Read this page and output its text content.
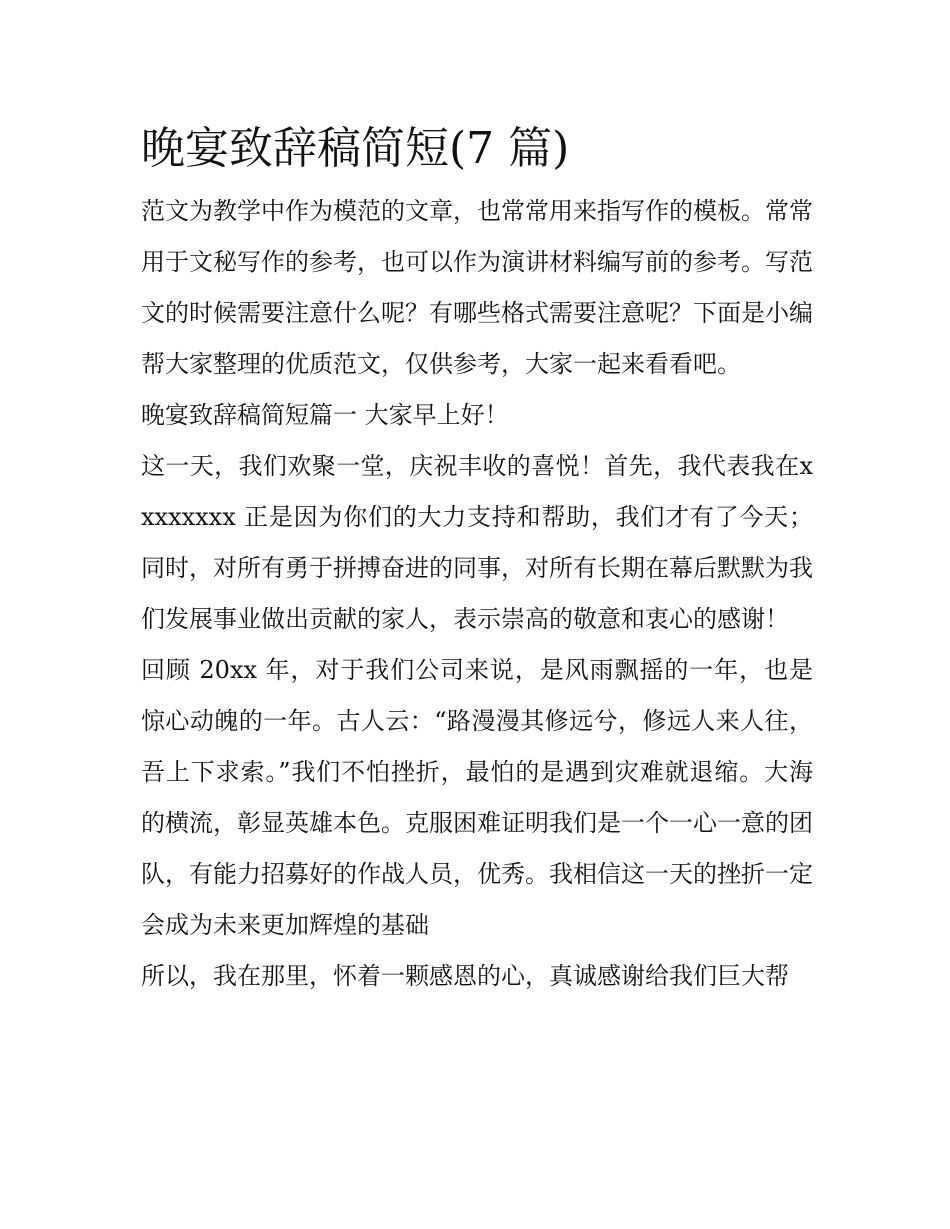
晚宴致辞稿简短(7 篇)

范文为教学中作为模范的文章，也常常用来指写作的模板。常常用于文秘写作的参考，也可以作为演讲材料编写前的参考。写范文的时候需要注意什么呢？有哪些格式需要注意呢？下面是小编帮大家整理的优质范文，仅供参考，大家一起来看看吧。

晚宴致辞稿简短篇一 大家早上好！

这一天，我们欢聚一堂，庆祝丰收的喜悦！首先，我代表我在xxxxxxxx 正是因为你们的大力支持和帮助，我们才有了今天；同时，对所有勇于拼搏奋进的同事，对所有长期在幕后默默为我们发展事业做出贡献的家人，表示崇高的敬意和衷心的感谢！

回顾 20xx 年，对于我们公司来说，是风雨飘摇的一年，也是惊心动魄的一年。古人云：“路漫漫其修远兮，修远人来人往，吾上下求索。”我们不怕挫折，最怕的是遇到灾难就退缩。大海的横流，彰显英雄本色。克服困难证明我们是一个一心一意的团队，有能力招募好的作战人员，优秀。我相信这一天的挫折一定会成为未来更加辉煌的基础

所以，我在那里，怀着一颗感恩的心，真诚感谢给我们巨大帮
